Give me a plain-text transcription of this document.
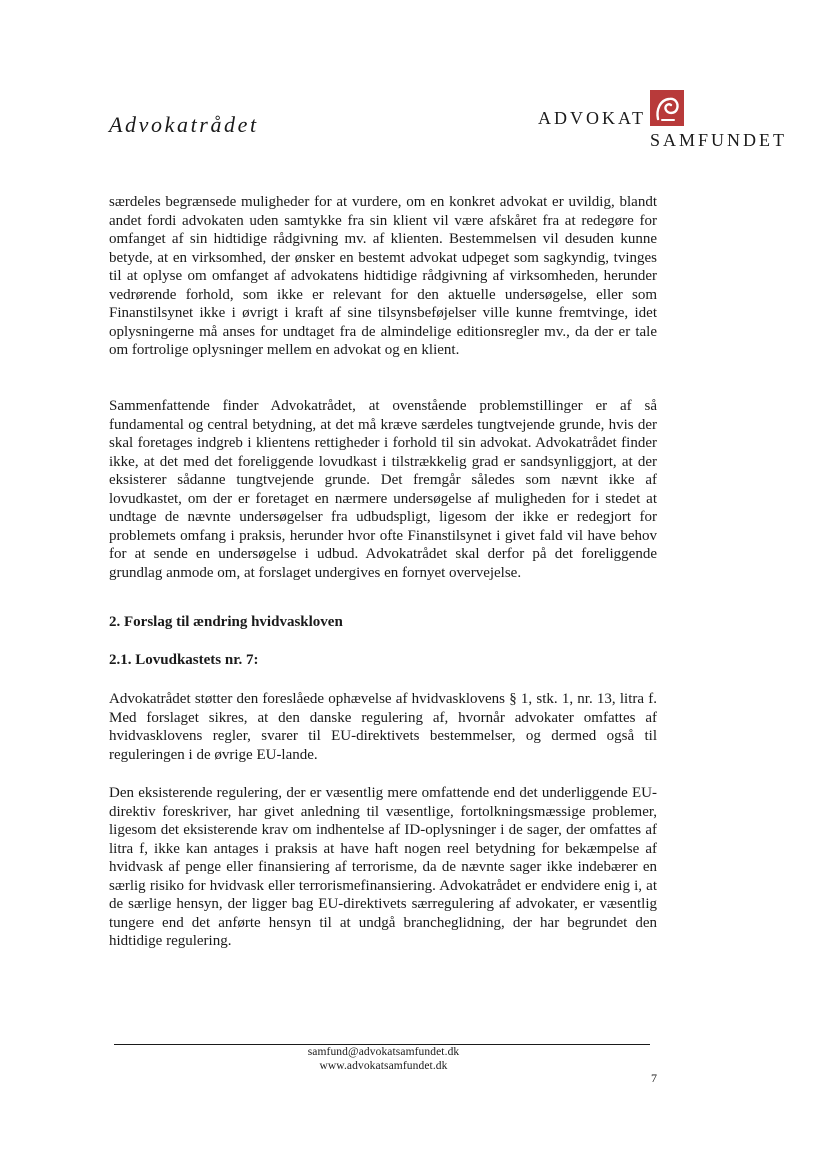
Advokatrådet	ADVOKAT
SAMFUNDET
særdeles begrænsede muligheder for at vurdere, om en konkret advokat er uvildig, blandt andet fordi advokaten uden samtykke fra sin klient vil være afskåret fra at redegøre for omfanget af sin hidtidige rådgivning mv. af klienten. Bestemmelsen vil desuden kunne betyde, at en virksomhed, der ønsker en bestemt advokat udpeget som sagkyndig, tvinges til at oplyse om omfanget af advokatens hidtidige rådgivning af virksomheden, herunder vedrørende forhold, som ikke er relevant for den aktuelle undersøgelse, eller som Finanstilsynet ikke i øvrigt i kraft af sine tilsynsbeføjelser ville kunne fremtvinge, idet oplysningerne må anses for undtaget fra de almindelige editionsregler mv., da der er tale om fortrolige oplysninger mellem en advokat og en klient.
Sammenfattende finder Advokatrådet, at ovenstående problemstillinger er af så fundamental og central betydning, at det må kræve særdeles tungtvejende grunde, hvis der skal foretages indgreb i klientens rettigheder i forhold til sin advokat. Advokatrådet finder ikke, at det med det foreliggende lovudkast i tilstrækkelig grad er sandsynliggjort, at der eksisterer sådanne tungtvejende grunde. Det fremgår således som nævnt ikke af lovudkastet, om der er foretaget en nærmere undersøgelse af muligheden for i stedet at undtage de nævnte undersøgelser fra udbudspligt, ligesom der ikke er redegjort for problemets omfang i praksis, herunder hvor ofte Finanstilsynet i givet fald vil have behov for at sende en undersøgelse i udbud. Advokatrådet skal derfor på det foreliggende grundlag anmode om, at forslaget undergives en fornyet overvejelse.
2. Forslag til ændring hvidvaskloven
2.1. Lovudkastets nr. 7:
Advokatrådet støtter den foreslåede ophævelse af hvidvasklovens § 1, stk. 1, nr. 13, litra f. Med forslaget sikres, at den danske regulering af, hvornår advokater omfattes af hvidvasklovens regler, svarer til EU-direktivets bestemmelser, og dermed også til reguleringen i de øvrige EU-lande.
Den eksisterende regulering, der er væsentlig mere omfattende end det underliggende EU-direktiv foreskriver, har givet anledning til væsentlige, fortolkningsmæssige problemer, ligesom det eksisterende krav om indhentelse af ID-oplysninger i de sager, der omfattes af litra f, ikke kan antages i praksis at have haft nogen reel betydning for bekæmpelse af hvidvask af penge eller finansiering af terrorisme, da de nævnte sager ikke indebærer en særlig risiko for hvidvask eller terrorismefinansiering. Advokatrådet er endvidere enig i, at de særlige hensyn, der ligger bag EU-direktivets særregulering af advokater, er væsentlig tungere end det anførte hensyn til at undgå brancheglidning, der har begrundet den hidtidige regulering.
samfund@advokatsamfundet.dk
www.advokatsamfundet.dk
7
